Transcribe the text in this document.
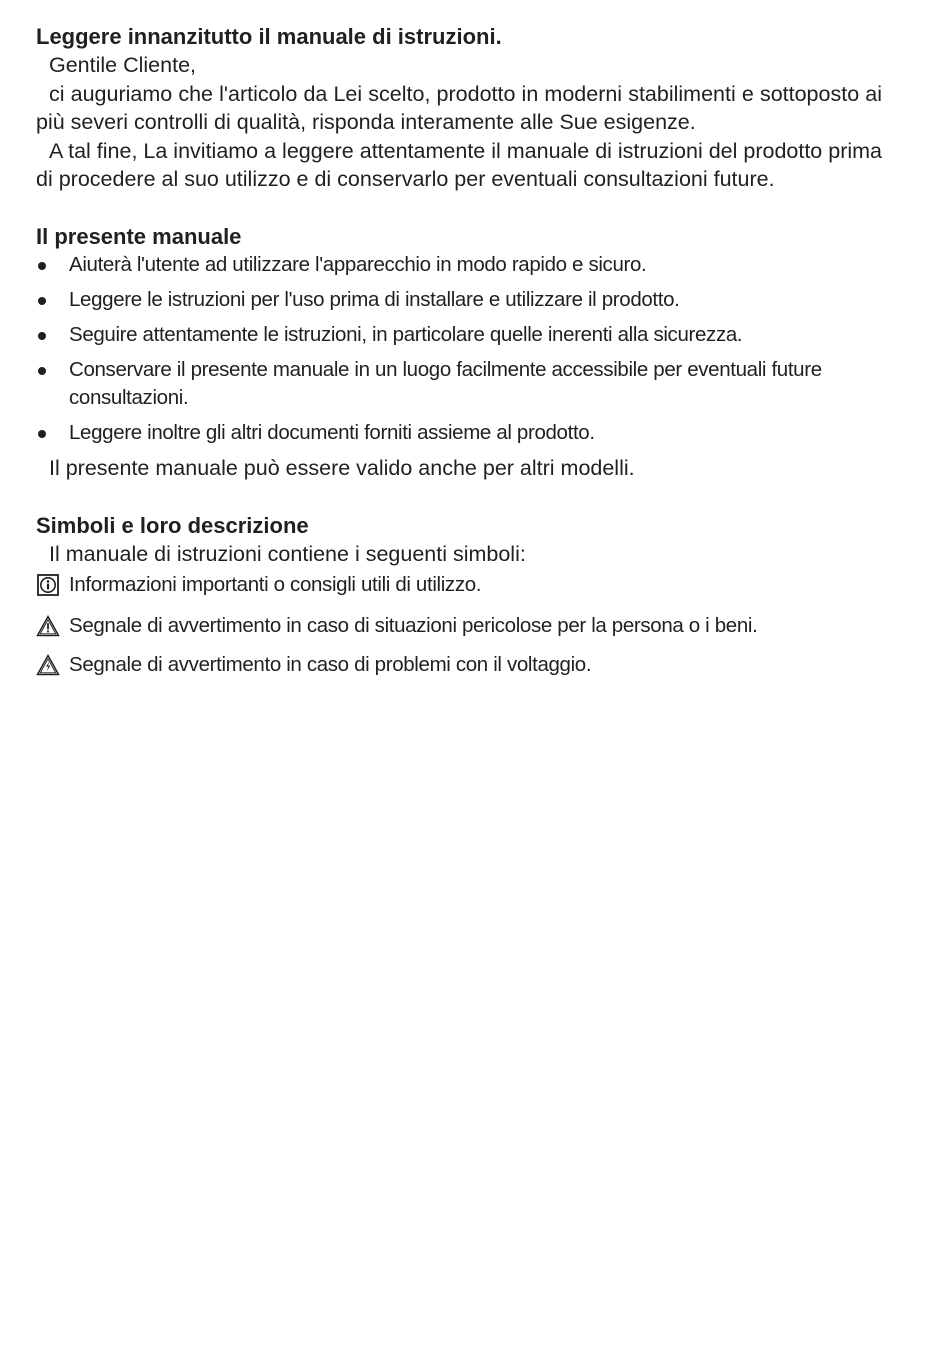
Leggere innanzitutto il manuale di istruzioni.

Gentile Cliente,

ci auguriamo che l'articolo da Lei scelto, prodotto in moderni stabilimenti e sottoposto ai più severi controlli di qualità, risponda interamente alle Sue esigenze.

A tal fine, La invitiamo a leggere attentamente il manuale di istruzioni del prodotto prima di procedere al suo utilizzo e di conservarlo per eventuali consultazioni future.

Il presente manuale
Aiuterà l'utente ad utilizzare l'apparecchio in modo rapido e sicuro.
Leggere le istruzioni per l'uso prima di installare e utilizzare il prodotto.
Seguire attentamente le istruzioni, in particolare quelle inerenti alla sicurezza.
Conservare il presente manuale in un luogo facilmente accessibile per eventuali future consultazioni.
Leggere inoltre gli altri documenti forniti assieme al prodotto.

Il presente manuale può essere valido anche per altri modelli.

Simboli e loro descrizione

Il manuale di istruzioni contiene i seguenti simboli:

Informazioni importanti o consigli utili di utilizzo.
Segnale di avvertimento in caso di situazioni pericolose per la persona o i beni.
Segnale di avvertimento in caso di problemi con il voltaggio.
